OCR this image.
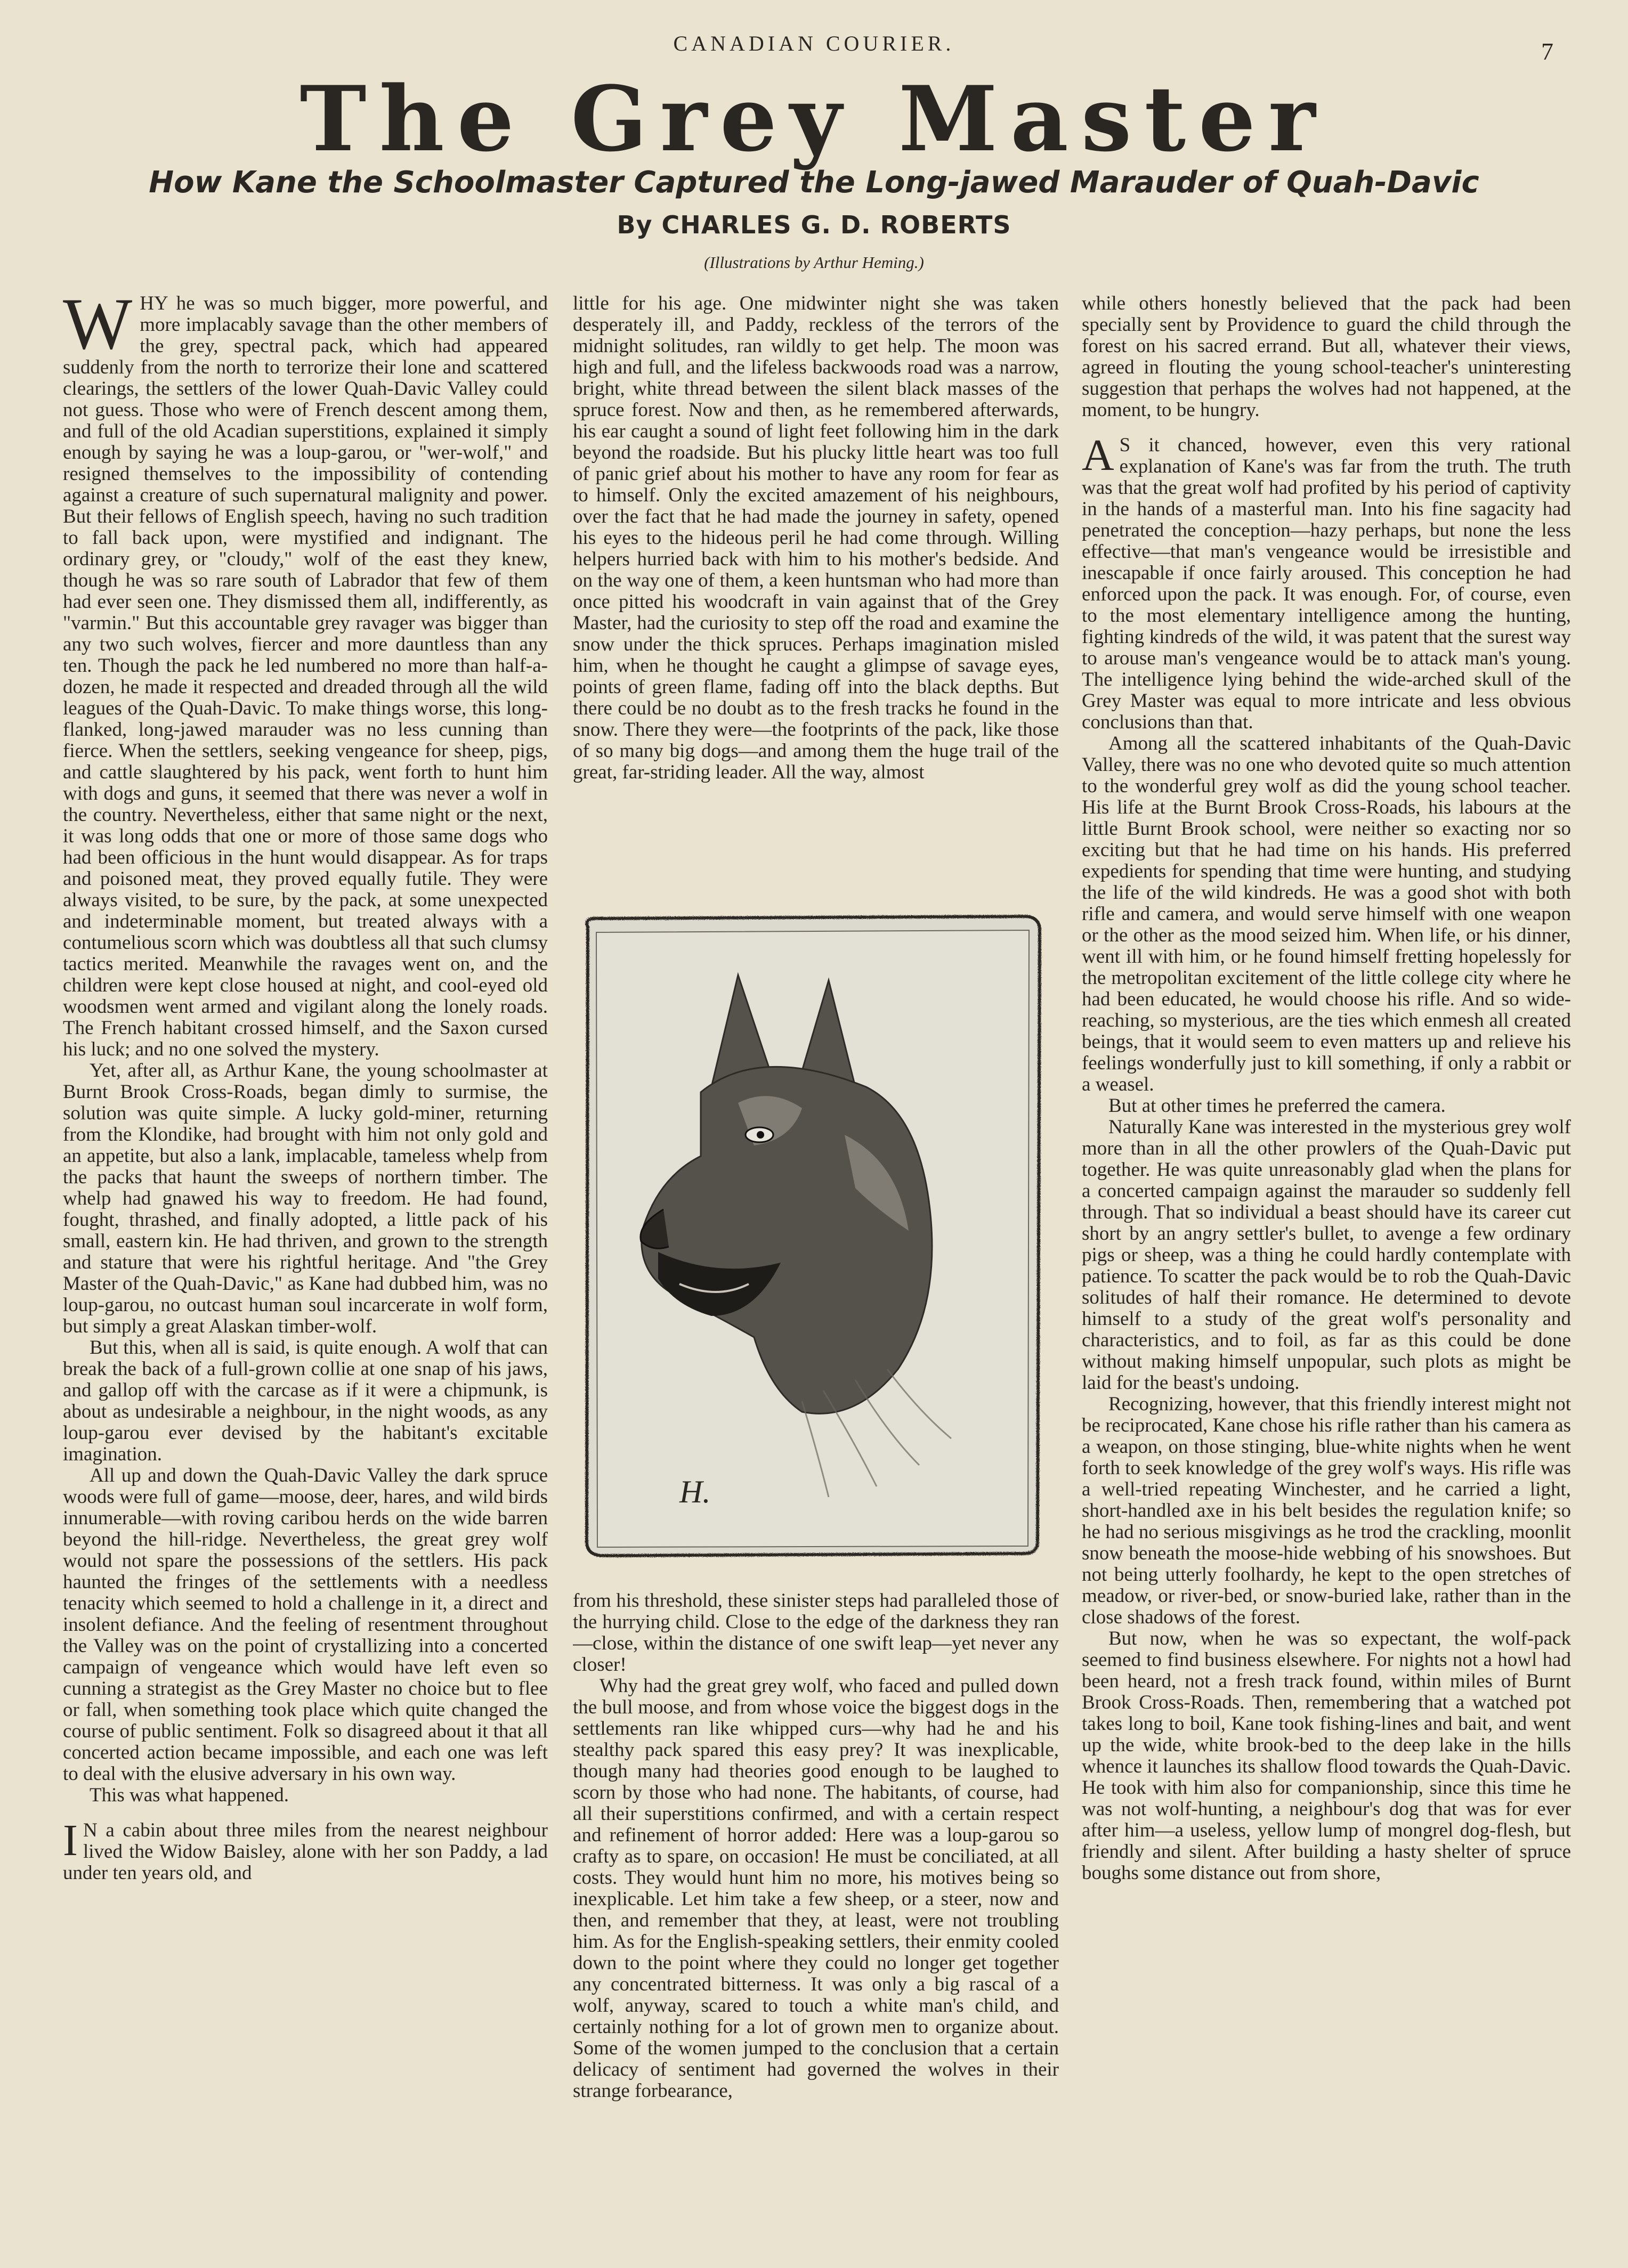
CANADIAN COURIER.	7
The Grey Master
How Kane the Schoolmaster Captured the Long-jawed Marauder of Quah-Davic
By CHARLES G. D. ROBERTS
(Illustrations by Arthur Heming.)

WHY he was so much bigger, more powerful, and more implacably savage than the other members of the grey, spectral pack, which had appeared suddenly from the north to terrorize their lone and scattered clearings, the settlers of the lower Quah-Davic Valley could not guess. Those who were of French descent among them, and full of the old Acadian superstitions, explained it simply enough by saying he was a loup-garou, or "wer-wolf," and resigned themselves to the impossibility of contending against a creature of such supernatural malignity and power. But their fellows of English speech, having no such tradition to fall back upon, were mystified and indignant. The ordinary grey, or "cloudy," wolf of the east they knew, though he was so rare south of Labrador that few of them had ever seen one. They dismissed them all, indifferently, as "varmin." But this accountable grey ravager was bigger than any two such wolves, fiercer and more dauntless than any ten. Though the pack he led numbered no more than half-a-dozen, he made it respected and dreaded through all the wild leagues of the Quah-Davic. To make things worse, this long-flanked, long-jawed marauder was no less cunning than fierce. When the settlers, seeking vengeance for sheep, pigs, and cattle slaughtered by his pack, went forth to hunt him with dogs and guns, it seemed that there was never a wolf in the country. Nevertheless, either that same night or the next, it was long odds that one or more of those same dogs who had been officious in the hunt would disappear. As for traps and poisoned meat, they proved equally futile. They were always visited, to be sure, by the pack, at some unexpected and indeterminable moment, but treated always with a contumelious scorn which was doubtless all that such clumsy tactics merited. Meanwhile the ravages went on, and the children were kept close housed at night, and cool-eyed old woodsmen went armed and vigilant along the lonely roads. The French habitant crossed himself, and the Saxon cursed his luck; and no one solved the mystery.

Yet, after all, as Arthur Kane, the young schoolmaster at Burnt Brook Cross-Roads, began dimly to surmise, the solution was quite simple. A lucky gold-miner, returning from the Klondike, had brought with him not only gold and an appetite, but also a lank, implacable, tameless whelp from the packs that haunt the sweeps of northern timber. The whelp had gnawed his way to freedom. He had found, fought, thrashed, and finally adopted, a little pack of his small, eastern kin. He had thriven, and grown to the strength and stature that were his rightful heritage. And "the Grey Master of the Quah-Davic," as Kane had dubbed him, was no loup-garou, no outcast human soul incarcerate in wolf form, but simply a great Alaskan timber-wolf.

But this, when all is said, is quite enough. A wolf that can break the back of a full-grown collie at one snap of his jaws, and gallop off with the carcase as if it were a chipmunk, is about as undesirable a neighbour, in the night woods, as any loup-garou ever devised by the habitant's excitable imagination.

All up and down the Quah-Davic Valley the dark spruce woods were full of game—moose, deer, hares, and wild birds innumerable—with roving caribou herds on the wide barren beyond the hill-ridge. Nevertheless, the great grey wolf would not spare the possessions of the settlers. His pack haunted the fringes of the settlements with a needless tenacity which seemed to hold a challenge in it, a direct and insolent defiance. And the feeling of resentment throughout the Valley was on the point of crystallizing into a concerted campaign of vengeance which would have left even so cunning a strategist as the Grey Master no choice but to flee or fall, when something took place which quite changed the course of public sentiment. Folk so disagreed about it that all concerted action became impossible, and each one was left to deal with the elusive adversary in his own way.

This was what happened.

I N a cabin about three miles from the nearest neighbour lived the Widow Baisley, alone with her son Paddy, a lad under ten years old, and

little for his age. One midwinter night she was taken desperately ill, and Paddy, reckless of the terrors of the midnight solitudes, ran wildly to get help. The moon was high and full, and the lifeless backwoods road was a narrow, bright, white thread between the silent black masses of the spruce forest. Now and then, as he remembered afterwards, his ear caught a sound of light feet following him in the dark beyond the roadside. But his plucky little heart was too full of panic grief about his mother to have any room for fear as to himself. Only the excited amazement of his neighbours, over the fact that he had made the journey in safety, opened his eyes to the hideous peril he had come through. Willing helpers hurried back with him to his mother's bedside. And on the way one of them, a keen huntsman who had more than once pitted his woodcraft in vain against that of the Grey Master, had the curiosity to step off the road and examine the snow under the thick spruces. Perhaps imagination misled him, when he thought he caught a glimpse of savage eyes, points of green flame, fading off into the black depths. But there could be no doubt as to the fresh tracks he found in the snow. There they were—the footprints of the pack, like those of so many big dogs—and among them the huge trail of the great, far-striding leader. All the way, almost

H.

from his threshold, these sinister steps had paralleled those of the hurrying child. Close to the edge of the darkness they ran—close, within the distance of one swift leap—yet never any closer!

Why had the great grey wolf, who faced and pulled down the bull moose, and from whose voice the biggest dogs in the settlements ran like whipped curs—why had he and his stealthy pack spared this easy prey? It was inexplicable, though many had theories good enough to be laughed to scorn by those who had none. The habitants, of course, had all their superstitions confirmed, and with a certain respect and refinement of horror added: Here was a loup-garou so crafty as to spare, on occasion! He must be conciliated, at all costs. They would hunt him no more, his motives being so inexplicable. Let him take a few sheep, or a steer, now and then, and remember that they, at least, were not troubling him. As for the English-speaking settlers, their enmity cooled down to the point where they could no longer get together any concentrated bitterness. It was only a big rascal of a wolf, anyway, scared to touch a white man's child, and certainly nothing for a lot of grown men to organize about. Some of the women jumped to the conclusion that a certain delicacy of sentiment had governed the wolves in their strange forbearance,

while others honestly believed that the pack had been specially sent by Providence to guard the child through the forest on his sacred errand. But all, whatever their views, agreed in flouting the young school-teacher's uninteresting suggestion that perhaps the wolves had not happened, at the moment, to be hungry.

A S it chanced, however, even this very rational explanation of Kane's was far from the truth. The truth was that the great wolf had profited by his period of captivity in the hands of a masterful man. Into his fine sagacity had penetrated the conception—hazy perhaps, but none the less effective—that man's vengeance would be irresistible and inescapable if once fairly aroused. This conception he had enforced upon the pack. It was enough. For, of course, even to the most elementary intelligence among the hunting, fighting kindreds of the wild, it was patent that the surest way to arouse man's vengeance would be to attack man's young. The intelligence lying behind the wide-arched skull of the Grey Master was equal to more intricate and less obvious conclusions than that.

Among all the scattered inhabitants of the Quah-Davic Valley, there was no one who devoted quite so much attention to the wonderful grey wolf as did the young school teacher. His life at the Burnt Brook Cross-Roads, his labours at the little Burnt Brook school, were neither so exacting nor so exciting but that he had time on his hands. His preferred expedients for spending that time were hunting, and studying the life of the wild kindreds. He was a good shot with both rifle and camera, and would serve himself with one weapon or the other as the mood seized him. When life, or his dinner, went ill with him, or he found himself fretting hopelessly for the metropolitan excitement of the little college city where he had been educated, he would choose his rifle. And so wide-reaching, so mysterious, are the ties which enmesh all created beings, that it would seem to even matters up and relieve his feelings wonderfully just to kill something, if only a rabbit or a weasel.

But at other times he preferred the camera.

Naturally Kane was interested in the mysterious grey wolf more than in all the other prowlers of the Quah-Davic put together. He was quite unreasonably glad when the plans for a concerted campaign against the marauder so suddenly fell through. That so individual a beast should have its career cut short by an angry settler's bullet, to avenge a few ordinary pigs or sheep, was a thing he could hardly contemplate with patience. To scatter the pack would be to rob the Quah-Davic solitudes of half their romance. He determined to devote himself to a study of the great wolf's personality and characteristics, and to foil, as far as this could be done without making himself unpopular, such plots as might be laid for the beast's undoing.

Recognizing, however, that this friendly interest might not be reciprocated, Kane chose his rifle rather than his camera as a weapon, on those stinging, blue-white nights when he went forth to seek knowledge of the grey wolf's ways. His rifle was a well-tried repeating Winchester, and he carried a light, short-handled axe in his belt besides the regulation knife; so he had no serious misgivings as he trod the crackling, moonlit snow beneath the moose-hide webbing of his snowshoes. But not being utterly foolhardy, he kept to the open stretches of meadow, or river-bed, or snow-buried lake, rather than in the close shadows of the forest.

But now, when he was so expectant, the wolf-pack seemed to find business elsewhere. For nights not a howl had been heard, not a fresh track found, within miles of Burnt Brook Cross-Roads. Then, remembering that a watched pot takes long to boil, Kane took fishing-lines and bait, and went up the wide, white brook-bed to the deep lake in the hills whence it launches its shallow flood towards the Quah-Davic. He took with him also for companionship, since this time he was not wolf-hunting, a neighbour's dog that was for ever after him—a useless, yellow lump of mongrel dog-flesh, but friendly and silent. After building a hasty shelter of spruce boughs some distance out from shore,
